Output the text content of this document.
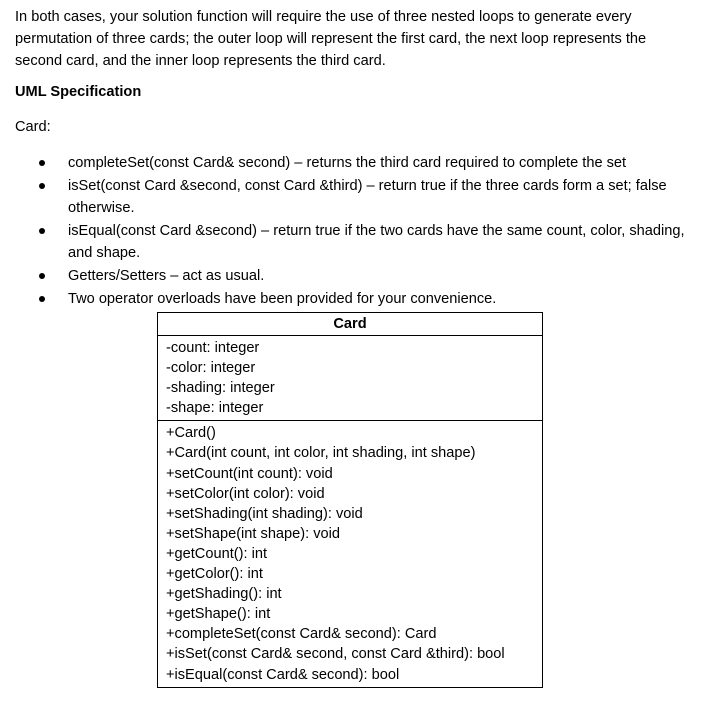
In both cases, your solution function will require the use of three nested loops to generate every
permutation of three cards; the outer loop will represent the first card, the next loop represents the
second card, and the inner loop represents the third card.

UML Specification

Card:

completeSet(const Card& second) – returns the third card required to complete the set
isSet(const Card &second, const Card &third) – return true if the three cards form a set; false otherwise.
isEqual(const Card &second) – return true if the two cards have the same count, color, shading, and shape.
Getters/Setters – act as usual.
Two operator overloads have been provided for your convenience.
Card
-count: integer
-color: integer
-shading: integer
-shape: integer
+Card()
+Card(int count, int color, int shading, int shape)
+setCount(int count): void
+setColor(int color): void
+setShading(int shading): void
+setShape(int shape): void
+getCount(): int
+getColor(): int
+getShading(): int
+getShape(): int
+completeSet(const Card& second): Card
+isSet(const Card& second, const Card &third): bool
+isEqual(const Card& second): bool
